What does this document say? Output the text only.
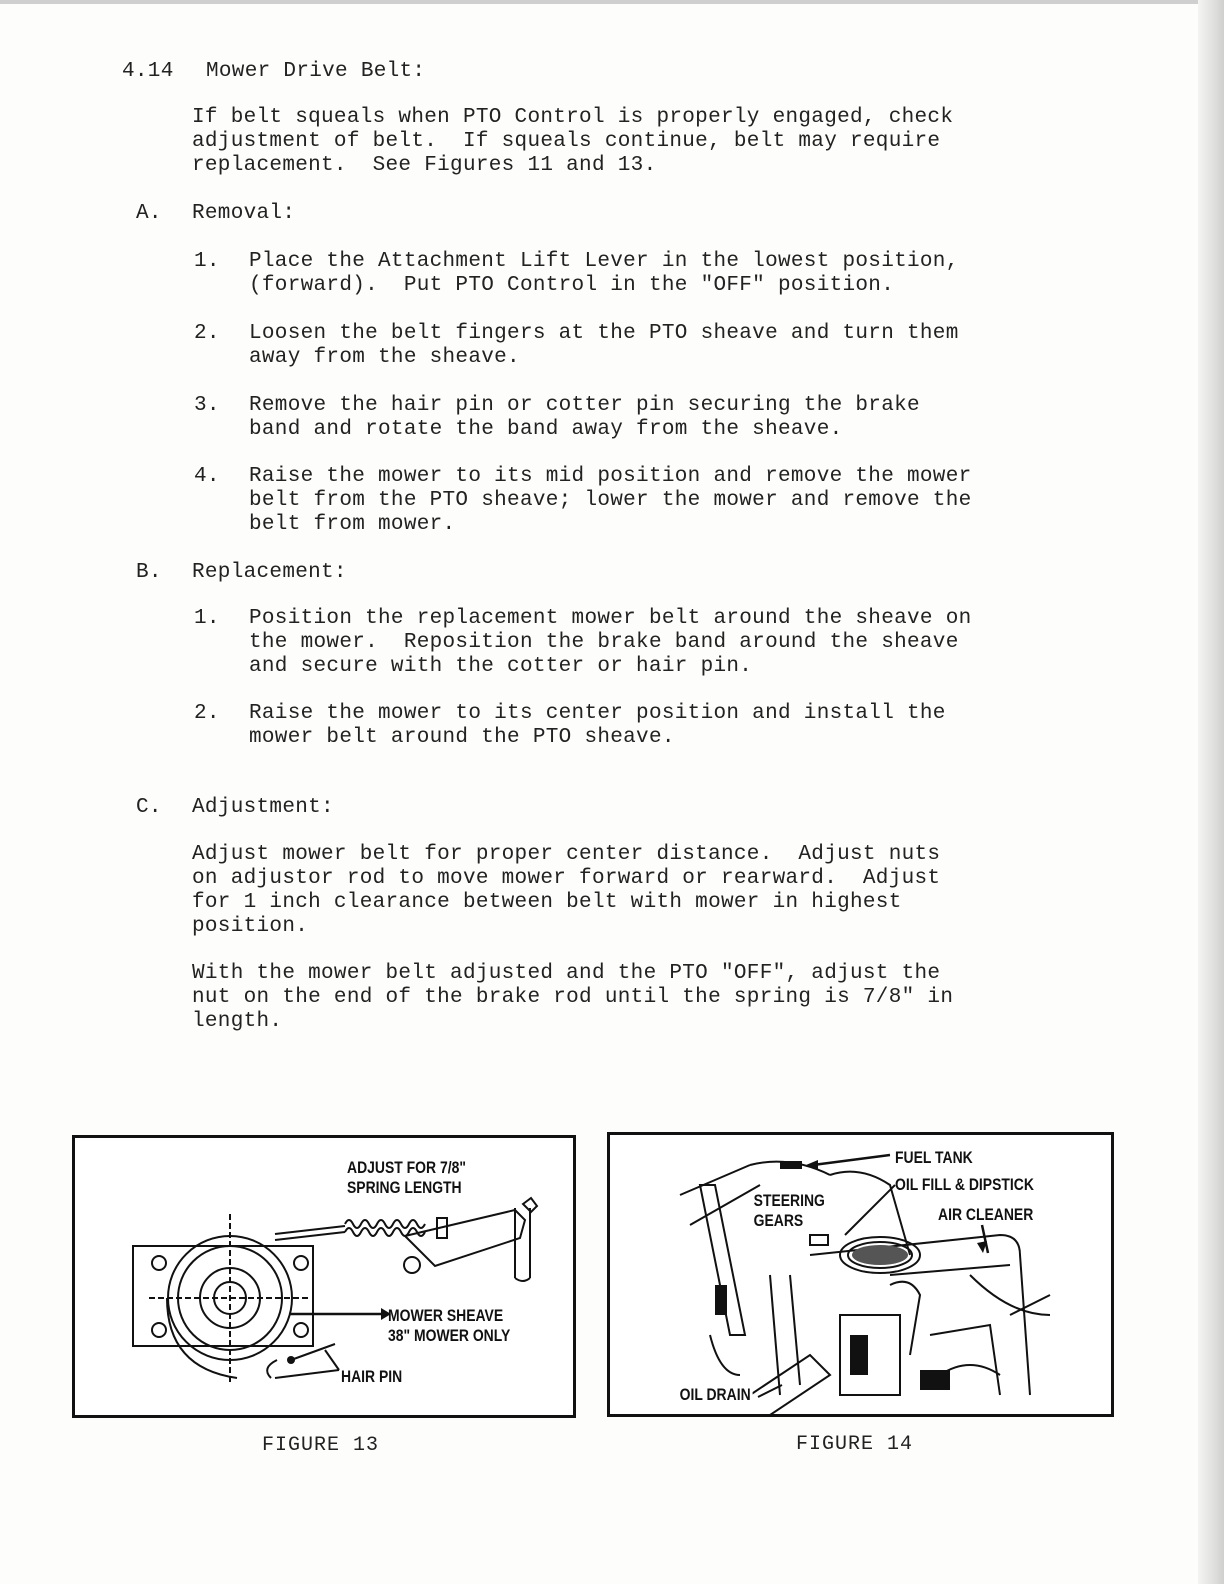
4.14 Mower Drive Belt:
If belt squeals when PTO Control is properly engaged, check
adjustment of belt.  If squeals continue, belt may require
replacement.  See Figures 11 and 13.
A. Removal:
1. Place the Attachment Lift Lever in the lowest position,
(forward).  Put PTO Control in the "OFF" position.
2. Loosen the belt fingers at the PTO sheave and turn them
away from the sheave.
3. Remove the hair pin or cotter pin securing the brake
band and rotate the band away from the sheave.
4. Raise the mower to its mid position and remove the mower
belt from the PTO sheave; lower the mower and remove the
belt from mower.
B. Replacement:
1. Position the replacement mower belt around the sheave on
the mower.  Reposition the brake band around the sheave
and secure with the cotter or hair pin.
2. Raise the mower to its center position and install the
mower belt around the PTO sheave.
C. Adjustment:
Adjust mower belt for proper center distance.  Adjust nuts
on adjustor rod to move mower forward or rearward.  Adjust
for 1 inch clearance between belt with mower in highest
position.
With the mower belt adjusted and the PTO "OFF", adjust the
nut on the end of the brake rod until the spring is 7/8" in
length.
ADJUST FOR 7/8"
SPRING LENGTH
MOWER SHEAVE
38" MOWER ONLY
HAIR PIN
FIGURE 13
FUEL TANK
OIL FILL & DIPSTICK
AIR CLEANER
STEERING
GEARS
OIL DRAIN
FIGURE 14
